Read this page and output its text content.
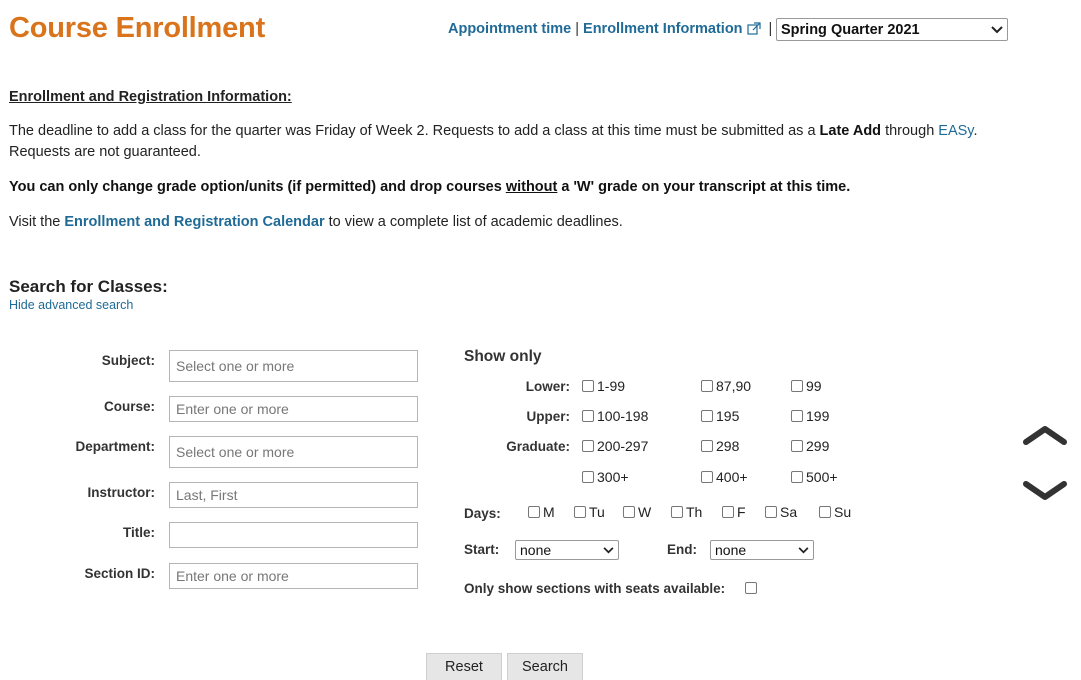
Course Enrollment	Appointment time | Enrollment Information | Spring Quarter 2021
Enrollment and Registration Information:
The deadline to add a class for the quarter was Friday of Week 2. Requests to add a class at this time must be submitted as a Late Add through EASy.
Requests are not guaranteed.
You can only change grade option/units (if permitted) and drop courses without a 'W' grade on your transcript at this time.
Visit the Enrollment and Registration Calendar to view a complete list of academic deadlines.
Search for Classes:
Hide advanced search
Subject: Select one or more
Course: Enter one or more
Department: Select one or more
Instructor: Last, First
Title:
Section ID: Enter one or more
Show only
Lower: 1-99	87,90	99
Upper: 100-198	195	199
Graduate: 200-297	298	299
300+	400+	500+
Days:	M Tu W Th F Sa	Su
Start: none	End: none
Only show sections with seats available:
Reset	Search
